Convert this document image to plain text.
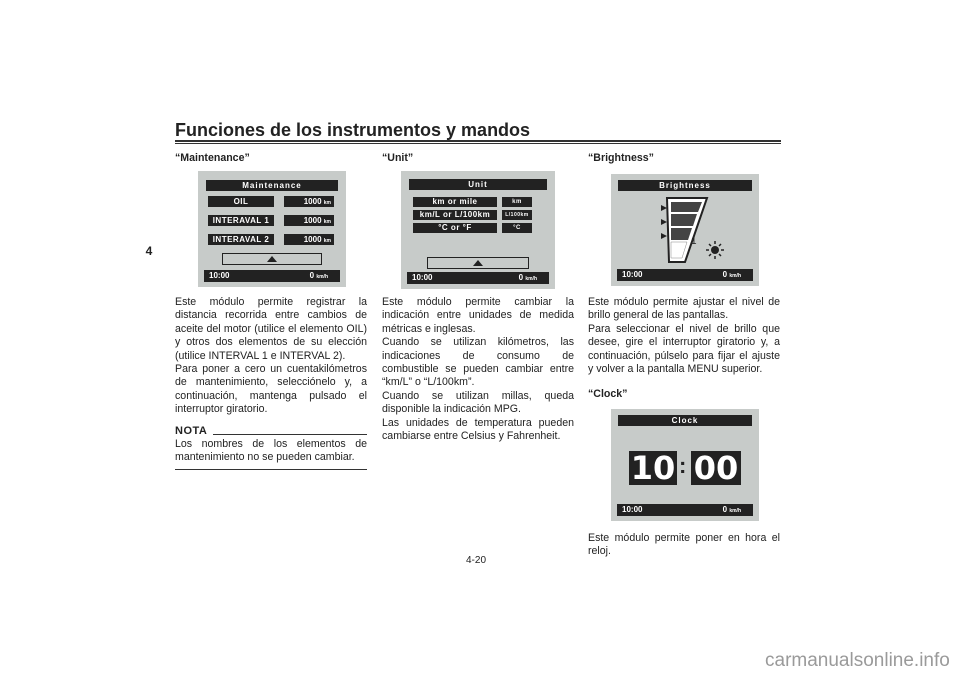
Funciones de los instrumentos y mandos
4

“Maintenance”

Maintenance
OIL	1000 km
INTERAVAL 1	1000 km
INTERAVAL 2	1000 km
10:00	0 km/h

Este módulo permite registrar la distancia recorrida entre cambios de aceite del motor (utilice el elemento OIL) y otros dos elementos de su elección (utilice INTERVAL 1 e INTERVAL 2).

Para poner a cero un cuentakilómetros de mantenimiento, selecciónelo y, a continuación, mantenga pulsado el interruptor giratorio.

NOTA

Los nombres de los elementos de mantenimiento no se pueden cambiar.

“Unit”

Unit
km or mile	km
km/L or L/100km	L/100km
°C or °F	°C
10:00	0 km/h

Este módulo permite cambiar la indicación entre unidades de medida métricas e inglesas.

Cuando se utilizan kilómetros, las indicaciones de consumo de combustible se pueden cambiar entre “km/L” o “L/100km”.

Cuando se utilizan millas, queda disponible la indicación MPG.

Las unidades de temperatura pueden cambiarse entre Celsius y Fahrenheit.

“Brightness”

Brightness
1
10:00	0 km/h

Este módulo permite ajustar el nivel de brillo general de las pantallas.

Para seleccionar el nivel de brillo que desee, gire el interruptor giratorio y, a continuación, púlselo para fijar el ajuste y volver a la pantalla MENU superior.

“Clock”

Clock
10 : 00
10:00	0 km/h

Este módulo permite poner en hora el reloj.

4-20
carmanualsonline.info
